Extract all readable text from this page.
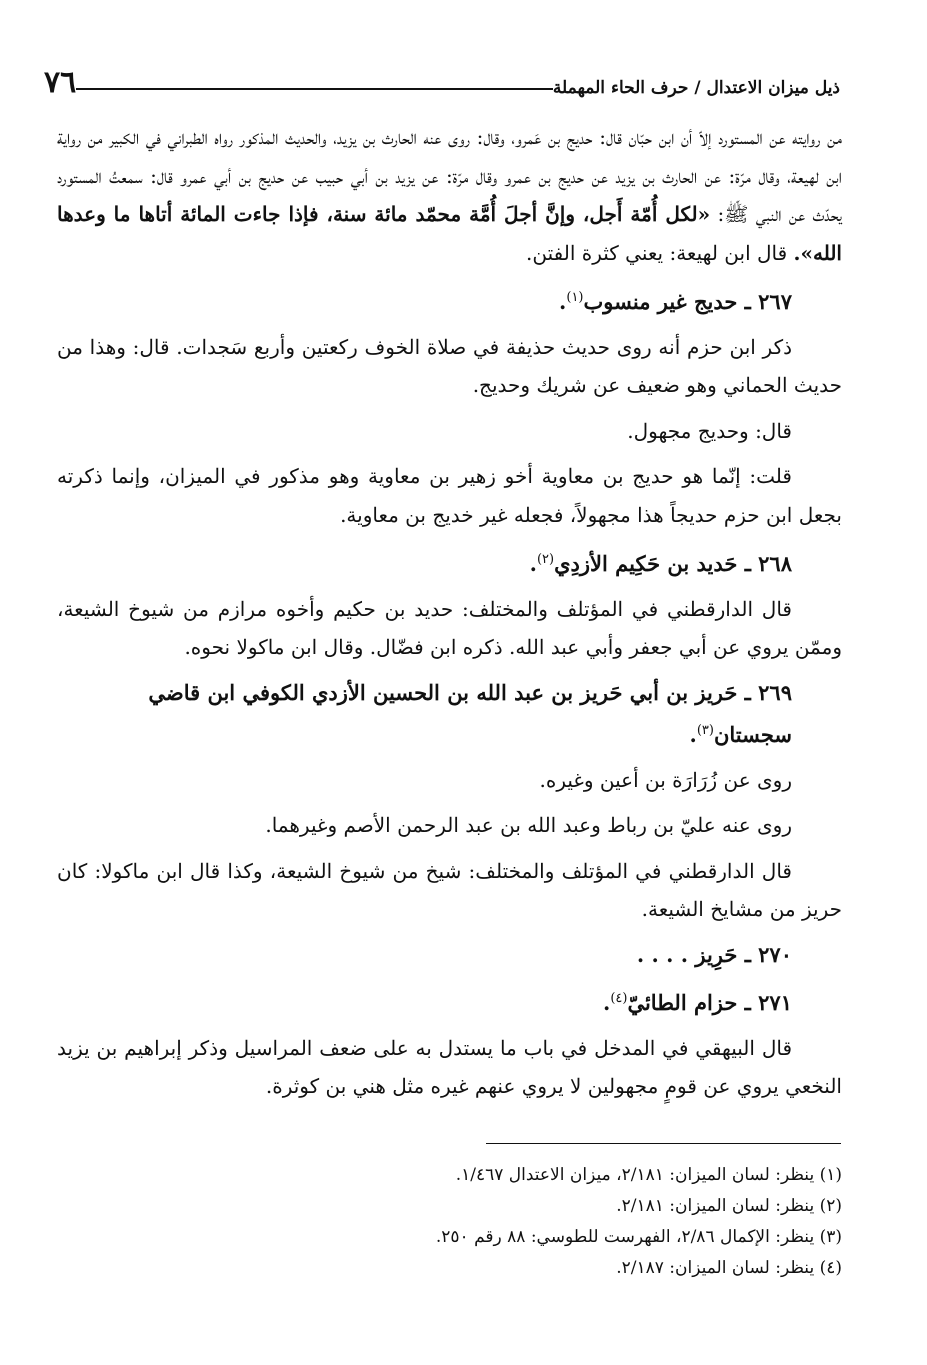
ذيل ميزان الاعتدال / حرف الحاء المهملة
٧٦

من روايته عن المستورد إلاّ أن ابن حبّان قال: حديج بن عَمرو، وقال: روى عنه الحارث بن يزيد، والحديث المذكور رواه الطبراني في الكبير من رواية ابن لهيعة، وقال مرّة: عن الحارث بن يزيد عن حديج بن عمرو وقال مرّة: عن يزيد بن أبي حبيب عن حديج بن أبي عمرو قال: سمعتُ المستورد يحدّث عن النبي ﷺ: «لكل أُمّة أَجل، وإنَّ أجلَ أُمَّة محمّد مائة سنة، فإذا جاءت المائة أتاها ما وعدها الله». قال ابن لهيعة: يعني كثرة الفتن.

٢٦٧ ـ حديج غير منسوب$^{(١)}$.

ذكر ابن حزم أنه روى حديث حذيفة في صلاة الخوف ركعتين وأربع سَجدات. قال: وهذا من حديث الحماني وهو ضعيف عن شريك وحديج.

قال: وحديج مجهول.

قلت: إنّما هو حديج بن معاوية أخو زهير بن معاوية وهو مذكور في الميزان، وإنما ذكرته بجعل ابن حزم حديجاً هذا مجهولاً، فجعله غير خديج بن معاوية.

٢٦٨ ـ حَديد بن حَكِيم الأزدِي$^{(٢)}$.

قال الدارقطني في المؤتلف والمختلف: حديد بن حكيم وأخوه مرازم من شيوخ الشيعة، وممّن يروي عن أبي جعفر وأبي عبد الله. ذكره ابن فضّال. وقال ابن ماكولا نحوه.

٢٦٩ ـ حَريز بن أبي حَريز بن عبد الله بن الحسين الأزدي الكوفي ابن قاضي سجستان$^{(٣)}$.

روى عن زُرَارَة بن أعين وغيره.

روى عنه عليّ بن رباط وعبد الله بن عبد الرحمن الأصم وغيرهما.

قال الدارقطني في المؤتلف والمختلف: شيخ من شيوخ الشيعة، وكذا قال ابن ماكولا: كان حريز من مشايخ الشيعة.

٢٧٠ ـ حَرِيز . . . .

٢٧١ ـ حزام الطائيّ$^{(٤)}$.

قال البيهقي في المدخل في باب ما يستدل به على ضعف المراسيل وذكر إبراهيم بن يزيد النخعي يروي عن قومٍ مجهولين لا يروي عنهم غيره مثل هني بن كوثرة.

(١) ينظر: لسان الميزان: ٢/١٨١، ميزان الاعتدال ١/٤٦٧.

(٢) ينظر: لسان الميزان: ٢/١٨١.

(٣) ينظر: الإكمال ٢/٨٦، الفهرست للطوسي: ٨٨ رقم ٢٥٠.

(٤) ينظر: لسان الميزان: ٢/١٨٧.
